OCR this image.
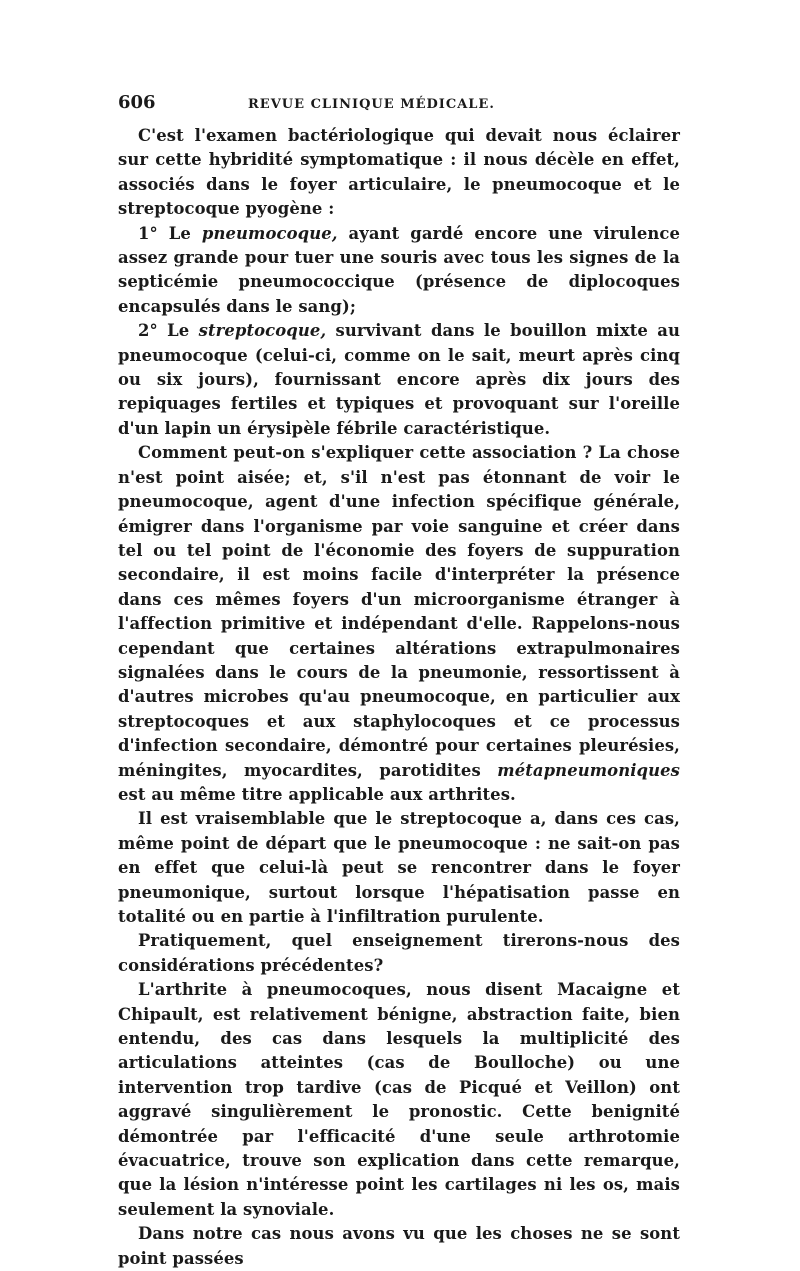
606	REVUE CLINIQUE MÉDICALE.

C'est l'examen bactériologique qui devait nous éclairer sur cette hybridité symptomatique : il nous décèle en effet, associés dans le foyer articulaire, le pneumocoque et le streptocoque pyogène :

1° Le pneumocoque, ayant gardé encore une virulence assez grande pour tuer une souris avec tous les signes de la septicémie pneumococcique (présence de diplocoques encapsulés dans le sang);

2° Le streptocoque, survivant dans le bouillon mixte au pneumocoque (celui-ci, comme on le sait, meurt après cinq ou six jours), fournissant encore après dix jours des repiquages fertiles et typiques et provoquant sur l'oreille d'un lapin un érysipèle fébrile caractéristique.

Comment peut-on s'expliquer cette association ? La chose n'est point aisée; et, s'il n'est pas étonnant de voir le pneumocoque, agent d'une infection spécifique générale, émigrer dans l'organisme par voie sanguine et créer dans tel ou tel point de l'économie des foyers de suppuration secondaire, il est moins facile d'interpréter la présence dans ces mêmes foyers d'un microorganisme étranger à l'affection primitive et indépendant d'elle. Rappelons-nous cependant que certaines altérations extrapulmonaires signalées dans le cours de la pneumonie, ressortissent à d'autres microbes qu'au pneumocoque, en particulier aux streptocoques et aux staphylocoques et ce processus d'infection secondaire, démontré pour certaines pleurésies, méningites, myocardites, parotidites métapneumoniques est au même titre applicable aux arthrites.

Il est vraisemblable que le streptocoque a, dans ces cas, même point de départ que le pneumocoque : ne sait-on pas en effet que celui-là peut se rencontrer dans le foyer pneumonique, surtout lorsque l'hépatisation passe en totalité ou en partie à l'infiltration purulente.

Pratiquement, quel enseignement tirerons-nous des considérations précédentes?

L'arthrite à pneumocoques, nous disent Macaigne et Chipault, est relativement bénigne, abstraction faite, bien entendu, des cas dans lesquels la multiplicité des articulations atteintes (cas de Boulloche) ou une intervention trop tardive (cas de Picqué et Veillon) ont aggravé singulièrement le pronostic. Cette benignité démontrée par l'efficacité d'une seule arthrotomie évacuatrice, trouve son explication dans cette remarque, que la lésion n'intéresse point les cartilages ni les os, mais seulement la synoviale.

Dans notre cas nous avons vu que les choses ne se sont point passées
